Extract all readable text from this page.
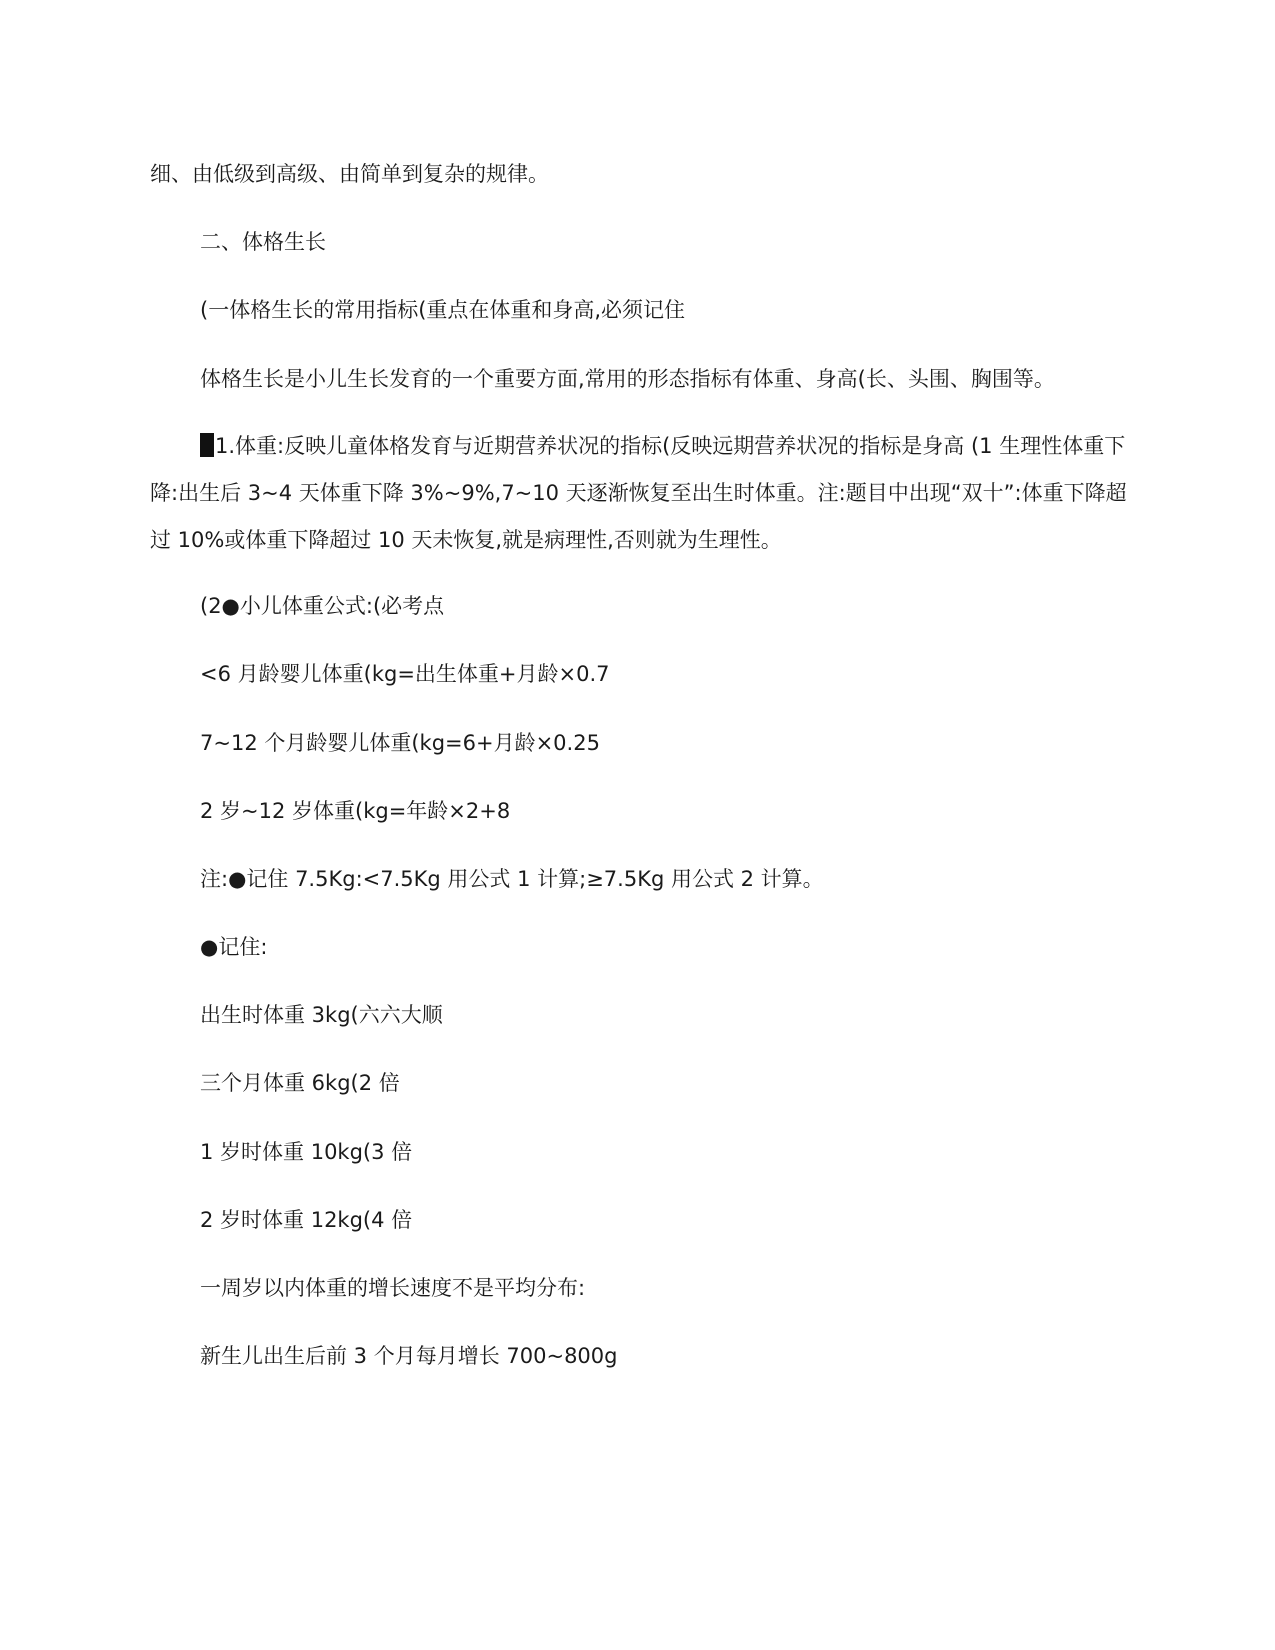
细、由低级到高级、由简单到复杂的规律。
二、体格生长
(一体格生长的常用指标(重点在体重和身高,必须记住
体格生长是小儿生长发育的一个重要方面,常用的形态指标有体重、身高(长、头围、胸围等。
1.体重:反映儿童体格发育与近期营养状况的指标(反映远期营养状况的指标是身高 (1 生理性体重下降:出生后 3~4 天体重下降 3%~9%,7~10 天逐渐恢复至出生时体重。注:题目中出现“双十”:体重下降超过 10%或体重下降超过 10 天未恢复,就是病理性,否则就为生理性。
(2●小儿体重公式:(必考点
<6 月龄婴儿体重(kg=出生体重+月龄×0.7
7~12 个月龄婴儿体重(kg=6+月龄×0.25
2 岁~12 岁体重(kg=年龄×2+8
注:●记住 7.5Kg:<7.5Kg 用公式 1 计算;≥7.5Kg 用公式 2 计算。
●记住:
出生时体重 3kg(六六大顺
三个月体重 6kg(2 倍
1 岁时体重 10kg(3 倍
2 岁时体重 12kg(4 倍
一周岁以内体重的增长速度不是平均分布:
新生儿出生后前 3 个月每月增长 700~800g
